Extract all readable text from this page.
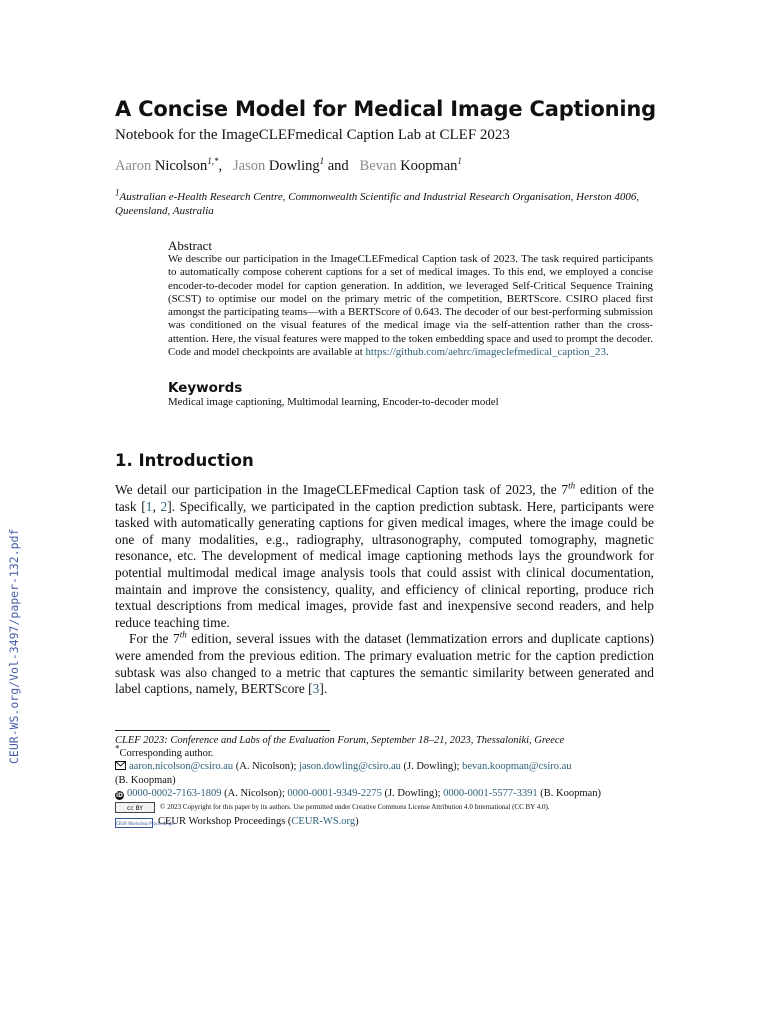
CEUR-WS.org/Vol-3497/paper-132.pdf
A Concise Model for Medical Image Captioning
Notebook for the ImageCLEFmedical Caption Lab at CLEF 2023
Aaron Nicolson$^{1,*}$,   Jason Dowling$^1$ and   Bevan Koopman$^1$
$^1$Australian e-Health Research Centre, Commonwealth Scientific and Industrial Research Organisation, Herston 4006, Queensland, Australia
Abstract
We describe our participation in the ImageCLEFmedical Caption task of 2023. The task required participants to automatically compose coherent captions for a set of medical images. To this end, we employed a concise encoder-to-decoder model for caption generation. In addition, we leveraged Self-Critical Sequence Training (SCST) to optimise our model on the primary metric of the competition, BERTScore. CSIRO placed first amongst the participating teams—with a BERTScore of 0.643. The decoder of our best-performing submission was conditioned on the visual features of the medical image via the self-attention rather than the cross-attention. Here, the visual features were mapped to the token embedding space and used to prompt the decoder. Code and model checkpoints are available at https://github.com/aehrc/imageclefmedical_caption_23.
Keywords
Medical image captioning, Multimodal learning, Encoder-to-decoder model
1. Introduction

We detail our participation in the ImageCLEFmedical Caption task of 2023, the 7th edition of the task [1, 2]. Specifically, we participated in the caption prediction subtask. Here, participants were tasked with automatically generating captions for given medical images, where the image could be one of many modalities, e.g., radiography, ultrasonography, computed tomography, magnetic resonance, etc. The development of medical image captioning methods lays the groundwork for potential multimodal medical image analysis tools that could assist with clinical documentation, maintain and improve the consistency, quality, and efficiency of clinical reporting, produce rich textual descriptions from medical images, provide fast and inexpensive second readers, and help reduce teaching time.

For the 7th edition, several issues with the dataset (lemmatization errors and duplicate captions) were amended from the previous edition. The primary evaluation metric for the caption prediction subtask was also changed to a metric that captures the semantic similarity between generated and label captions, namely, BERTScore [3].

CLEF 2023: Conference and Labs of the Evaluation Forum, September 18–21, 2023, Thessaloniki, Greece
*Corresponding author.
aaron.nicolson@csiro.au (A. Nicolson); jason.dowling@csiro.au (J. Dowling); bevan.koopman@csiro.au
(B. Koopman)
iD 0000-0002-7163-1809 (A. Nicolson); 0000-0001-9349-2275 (J. Dowling); 0000-0001-5577-3391 (B. Koopman)
cc BY © 2023 Copyright for this paper by its authors. Use permitted under Creative Commons License Attribution 4.0 International (CC BY 4.0).
CEUR Workshop ProceedingsCEUR Workshop Proceedings (CEUR-WS.org)
